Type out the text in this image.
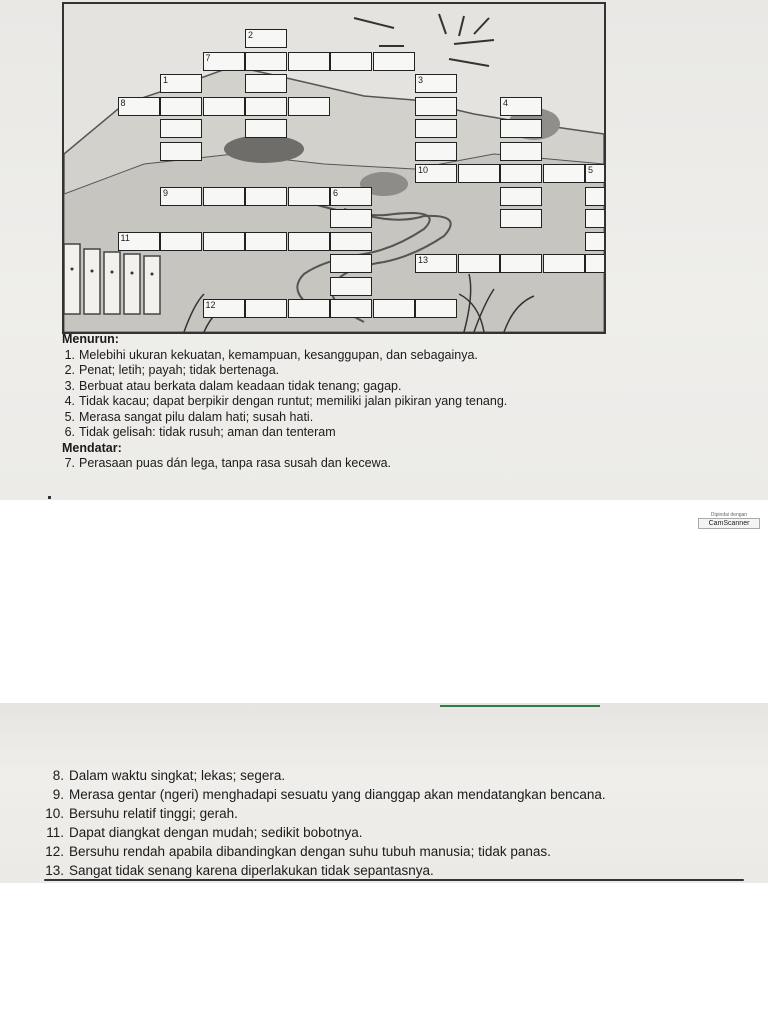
2
7
1	3
8	4
10	5
9	6
11
13
12
Menurun:
1. Melebihi ukuran kekuatan, kemampuan, kesanggupan, dan sebagainya.
2. Penat; letih; payah; tidak bertenaga.
3. Berbuat atau berkata dalam keadaan tidak tenang; gagap.
4. Tidak kacau; dapat berpikir dengan runtut; memiliki jalan pikiran yang tenang.
5. Merasa sangat pilu dalam hati; susah hati.
6. Tidak gelisah: tidak rusuh; aman dan tenteram
Mendatar:
7. Perasaan puas dán lega, tanpa rasa susah dan kecewa.
Dipindai dengan
CamScanner
8. Dalam waktu singkat; lekas; segera.
9. Merasa gentar (ngeri) menghadapi sesuatu yang dianggap akan mendatangkan bencana.
10. Bersuhu relatif tinggi; gerah.
11. Dapat diangkat dengan mudah; sedikit bobotnya.
12. Bersuhu rendah apabila dibandingkan dengan suhu tubuh manusia; tidak panas.
13. Sangat tidak senang karena diperlakukan tidak sepantasnya.
